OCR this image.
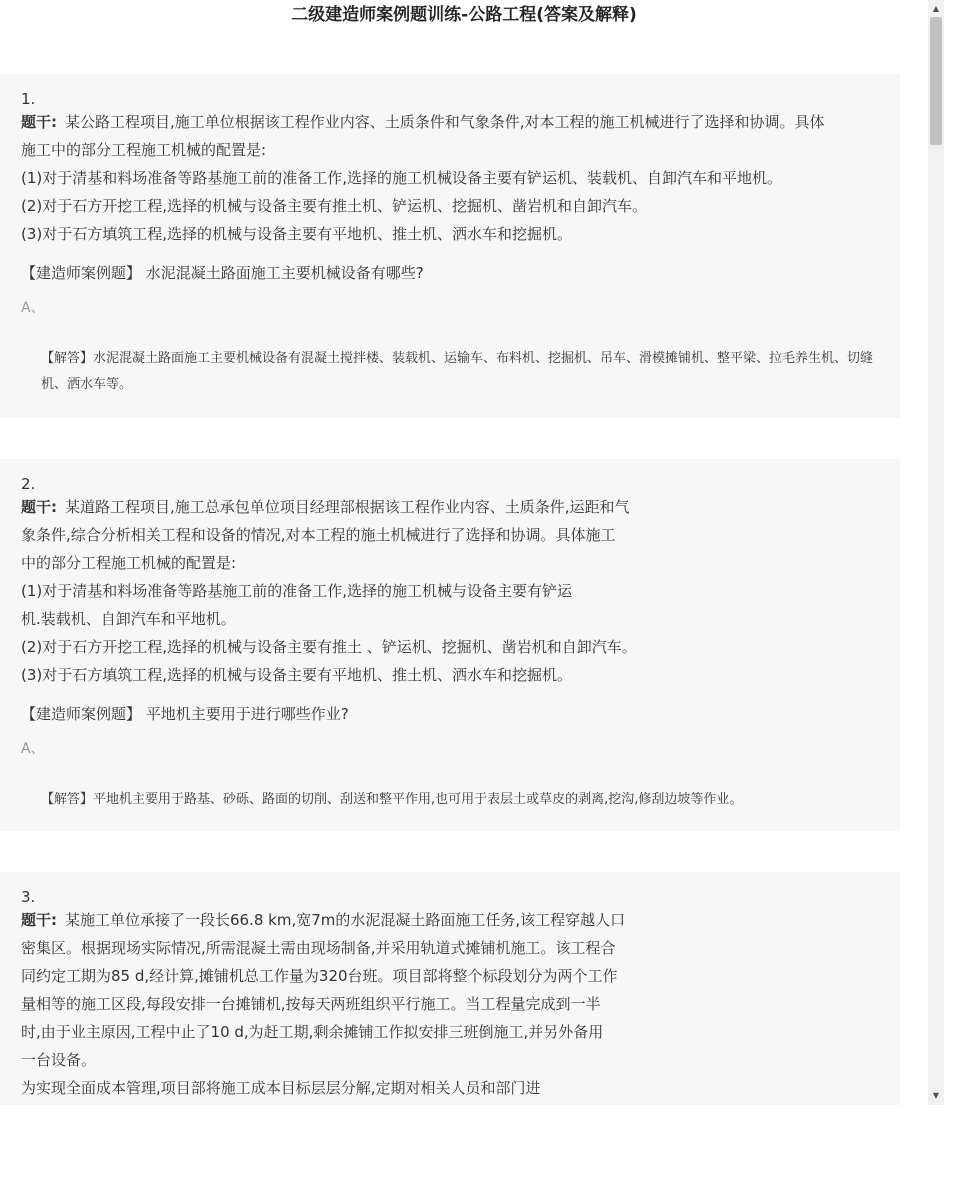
二级建造师案例题训练-公路工程(答案及解释)

1.

题干: 某公路工程项目,施工单位根据该工程作业内容、土质条件和气象条件,对本工程的施工机械进行了选择和协调。具体
施工中的部分工程施工机械的配置是:
(1)对于清基和料场准备等路基施工前的准备工作,选择的施工机械设备主要有铲运机、装载机、自卸汽车和平地机。
(2)对于石方开挖工程,选择的机械与设备主要有推土机、铲运机、挖掘机、凿岩机和自卸汽车。
(3)对于石方填筑工程,选择的机械与设备主要有平地机、推土机、洒水车和挖掘机。

【建造师案例题】 水泥混凝土路面施工主要机械设备有哪些?

A、

【解答】水泥混凝土路面施工主要机械设备有混凝土搅拌楼、装载机、运输车、布料机、挖掘机、吊车、滑模摊铺机、整平梁、拉毛养生机、切缝机、洒水车等。

2.

题干: 某道路工程项目,施工总承包单位项目经理部根据该工程作业内容、土质条件,运距和气
象条件,综合分析相关工程和设备的情况,对本工程的施土机械进行了选择和协调。具体施工
中的部分工程施工机械的配置是:
(1)对于清基和料场准备等路基施工前的准备工作,选择的施工机械与设备主要有铲运
机.装载机、自卸汽车和平地机。
(2)对于石方开挖工程,选择的机械与设备主要有推土 、铲运机、挖掘机、凿岩机和自卸汽车。
(3)对于石方填筑工程,选择的机械与设备主要有平地机、推土机、洒水车和挖掘机。

【建造师案例题】 平地机主要用于进行哪些作业?

A、

【解答】平地机主要用于路基、砂砾、路面的切削、刮送和整平作用,也可用于表层土或草皮的剥离,挖沟,修刮边坡等作业。

3.

题干: 某施工单位承接了一段长66.8 km,宽7m的水泥混凝土路面施工任务,该工程穿越人口
密集区。根据现场实际情况,所需混凝土需由现场制备,并采用轨道式摊铺机施工。该工程合
同约定工期为85 d,经计算,摊铺机总工作量为320台班。项目部将整个标段划分为两个工作
量相等的施工区段,每段安排一台摊铺机,按每天两班组织平行施工。当工程量完成到一半
时,由于业主原因,工程中止了10 d,为赶工期,剩余摊铺工作拟安排三班倒施工,并另外备用
一台设备。
为实现全面成本管理,项目部将施工成本目标层层分解,定期对相关人员和部门进
▲
▼
